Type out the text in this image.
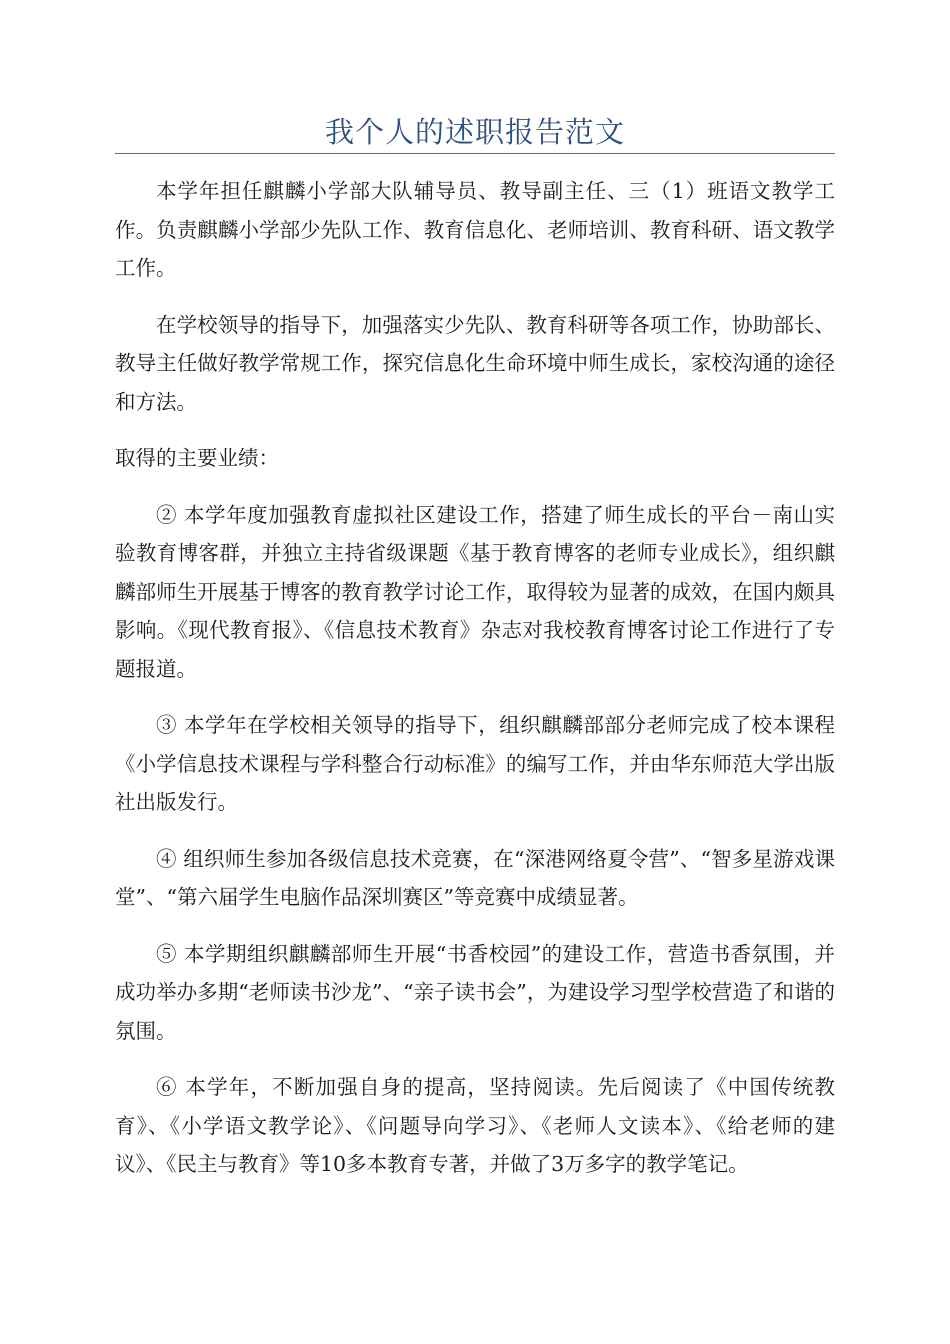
我个人的述职报告范文

本学年担任麒麟小学部大队辅导员、教导副主任、三（1）班语文教学工作。负责麒麟小学部少先队工作、教育信息化、老师培训、教育科研、语文教学工作。

在学校领导的指导下，加强落实少先队、教育科研等各项工作，协助部长、教导主任做好教学常规工作，探究信息化生命环境中师生成长，家校沟通的途径和方法。

取得的主要业绩：

② 本学年度加强教育虚拟社区建设工作，搭建了师生成长的平台－南山实验教育博客群，并独立主持省级课题《基于教育博客的老师专业成长》，组织麒麟部师生开展基于博客的教育教学讨论工作，取得较为显著的成效，在国内颇具影响。《现代教育报》、《信息技术教育》杂志对我校教育博客讨论工作进行了专题报道。

③ 本学年在学校相关领导的指导下，组织麒麟部部分老师完成了校本课程《小学信息技术课程与学科整合行动标准》的编写工作，并由华东师范大学出版社出版发行。

④ 组织师生参加各级信息技术竞赛，在“深港网络夏令营”、“智多星游戏课堂”、“第六届学生电脑作品深圳赛区”等竞赛中成绩显著。

⑤ 本学期组织麒麟部师生开展“书香校园”的建设工作，营造书香氛围，并成功举办多期“老师读书沙龙”、“亲子读书会”，为建设学习型学校营造了和谐的氛围。

⑥ 本学年，不断加强自身的提高，坚持阅读。先后阅读了《中国传统教育》、《小学语文教学论》、《问题导向学习》、《老师人文读本》、《给老师的建议》、《民主与教育》等10多本教育专著，并做了3万多字的教学笔记。
